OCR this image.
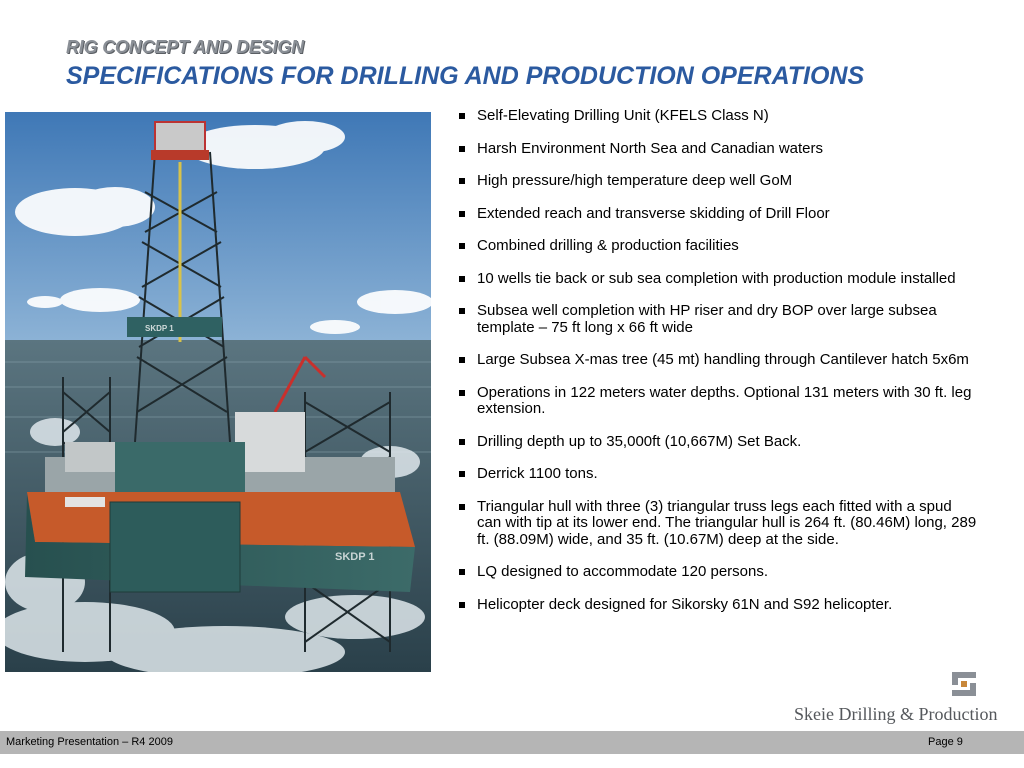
RIG CONCEPT AND DESIGN
SPECIFICATIONS FOR DRILLING AND PRODUCTION OPERATIONS
SKDP 1
SKDP 1
Self-Elevating Drilling Unit (KFELS Class N)
Harsh Environment North Sea and Canadian waters
High pressure/high temperature deep well GoM
Extended reach and transverse skidding of Drill Floor
Combined drilling & production facilities
10 wells tie back or sub sea completion with production module installed
Subsea well completion with HP riser and dry BOP over large subsea template – 75 ft long x 66 ft wide
Large Subsea X-mas tree (45 mt) handling through Cantilever hatch 5x6m
Operations in 122 meters water depths. Optional 131 meters with 30 ft. leg extension.
Drilling depth up to 35,000ft (10,667M) Set Back.
Derrick 1100 tons.
Triangular hull with three (3) triangular truss legs each fitted with a spud can with tip at its lower end. The triangular hull is 264 ft. (80.46M) long, 289 ft. (88.09M) wide, and 35 ft. (10.67M) deep at the side.
LQ designed to accommodate 120 persons.
Helicopter deck designed for Sikorsky 61N and S92 helicopter.
Skeie Drilling & Production
Marketing Presentation – R4 2009	Page 9
